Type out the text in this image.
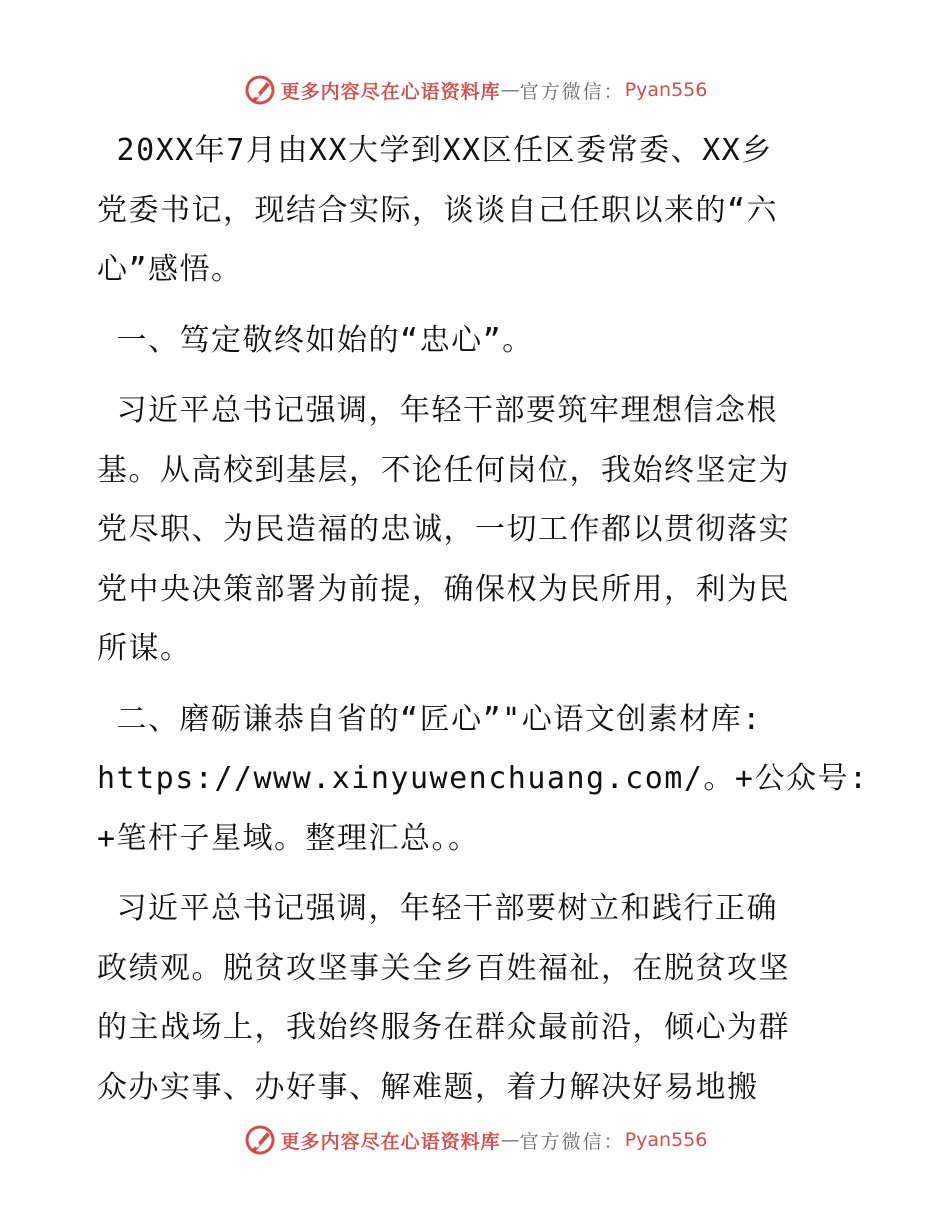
更多内容尽在心语资料库 — 官方微信： Pyan556
20XX年7月由XX大学到XX区任区委常委、XX乡
党委书记，现结合实际，谈谈自己任职以来的“六
心”感悟。
一、笃定敬终如始的“忠心”。
习近平总书记强调，年轻干部要筑牢理想信念根
基。从高校到基层，不论任何岗位，我始终坚定为
党尽职、为民造福的忠诚，一切工作都以贯彻落实
党中央决策部署为前提，确保权为民所用，利为民
所谋。
二、磨砺谦恭自省的“匠心”"心语文创素材库:
https://www.xinyuwenchuang.com/。+公众号:
+笔杆子星域。整理汇总。。
习近平总书记强调，年轻干部要树立和践行正确
政绩观。脱贫攻坚事关全乡百姓福祉，在脱贫攻坚
的主战场上，我始终服务在群众最前沿，倾心为群
众办实事、办好事、解难题，着力解决好易地搬
更多内容尽在心语资料库 — 官方微信： Pyan556
